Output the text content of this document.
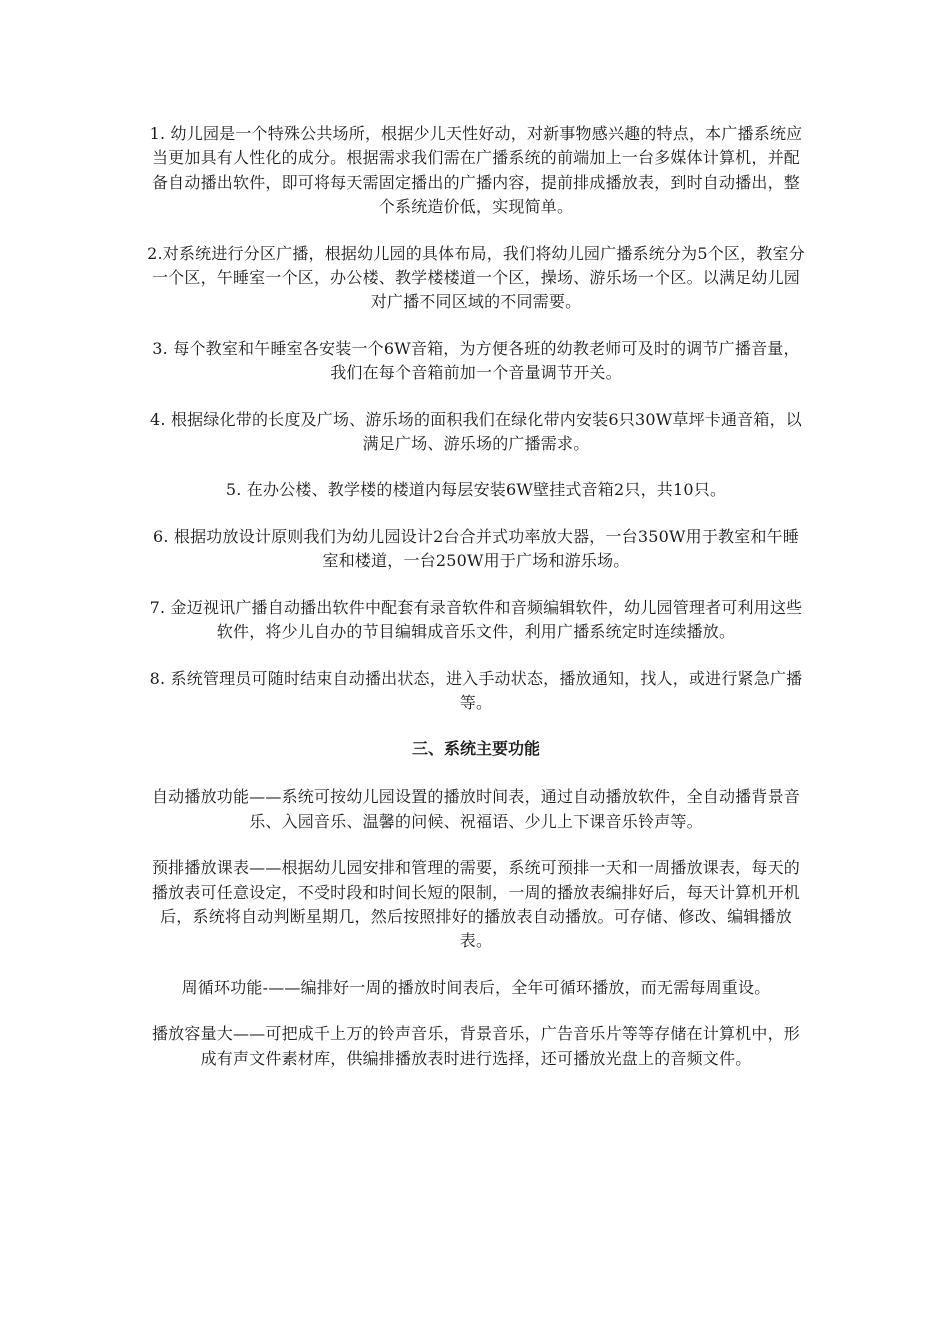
1. 幼儿园是一个特殊公共场所，根据少儿天性好动，对新事物感兴趣的特点，本广播系统应当更加具有人性化的成分。根据需求我们需在广播系统的前端加上一台多媒体计算机，并配备自动播出软件，即可将每天需固定播出的广播内容，提前排成播放表，到时自动播出，整个系统造价低，实现简单。

2.对系统进行分区广播，根据幼儿园的具体布局，我们将幼儿园广播系统分为5个区，教室分一个区，午睡室一个区，办公楼、教学楼楼道一个区，操场、游乐场一个区。以满足幼儿园对广播不同区域的不同需要。

3. 每个教室和午睡室各安装一个6W音箱，为方便各班的幼教老师可及时的调节广播音量，我们在每个音箱前加一个音量调节开关。

4. 根据绿化带的长度及广场、游乐场的面积我们在绿化带内安装6只30W草坪卡通音箱，以满足广场、游乐场的广播需求。

5. 在办公楼、教学楼的楼道内每层安装6W壁挂式音箱2只，共10只。

6. 根据功放设计原则我们为幼儿园设计2台合并式功率放大器，一台350W用于教室和午睡室和楼道，一台250W用于广场和游乐场。

7. 金迈视讯广播自动播出软件中配套有录音软件和音频编辑软件，幼儿园管理者可利用这些软件，将少儿自办的节目编辑成音乐文件，利用广播系统定时连续播放。

8. 系统管理员可随时结束自动播出状态，进入手动状态，播放通知，找人，或进行紧急广播等。

三、系统主要功能

自动播放功能——系统可按幼儿园设置的播放时间表，通过自动播放软件，全自动播背景音乐、入园音乐、温馨的问候、祝福语、少儿上下课音乐铃声等。

预排播放课表——根据幼儿园安排和管理的需要，系统可预排一天和一周播放课表，每天的播放表可任意设定，不受时段和时间长短的限制，一周的播放表编排好后，每天计算机开机后，系统将自动判断星期几，然后按照排好的播放表自动播放。可存储、修改、编辑播放表。

周循环功能-——编排好一周的播放时间表后，全年可循环播放，而无需每周重设。

播放容量大——可把成千上万的铃声音乐，背景音乐，广告音乐片等等存储在计算机中，形成有声文件素材库，供编排播放表时进行选择，还可播放光盘上的音频文件。
